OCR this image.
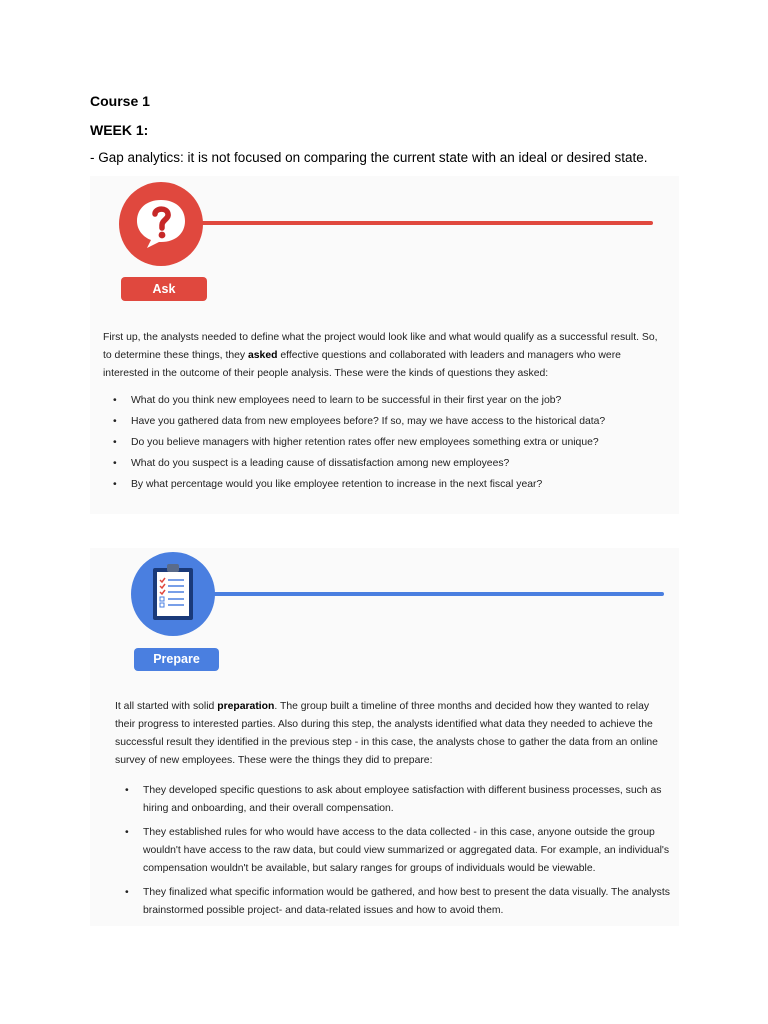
Course 1
WEEK 1:
- Gap analytics: it is not focused on comparing the current state with an ideal or desired state.
Ask

First up, the analysts needed to define what the project would look like and what would qualify as a successful result. So, to determine these things, they asked effective questions and collaborated with leaders and managers who were interested in the outcome of their people analysis. These were the kinds of questions they asked:

• What do you think new employees need to learn to be successful in their first year on the job?
• Have you gathered data from new employees before? If so, may we have access to the historical data?
• Do you believe managers with higher retention rates offer new employees something extra or unique?
• What do you suspect is a leading cause of dissatisfaction among new employees?
• By what percentage would you like employee retention to increase in the next fiscal year?
Prepare

It all started with solid preparation. The group built a timeline of three months and decided how they wanted to relay their progress to interested parties. Also during this step, the analysts identified what data they needed to achieve the successful result they identified in the previous step - in this case, the analysts chose to gather the data from an online survey of new employees. These were the things they did to prepare:

• They developed specific questions to ask about employee satisfaction with different business processes, such as hiring and onboarding, and their overall compensation.
• They established rules for who would have access to the data collected - in this case, anyone outside the group wouldn't have access to the raw data, but could view summarized or aggregated data. For example, an individual's compensation wouldn't be available, but salary ranges for groups of individuals would be viewable.
• They finalized what specific information would be gathered, and how best to present the data visually. The analysts brainstormed possible project- and data-related issues and how to avoid them.
